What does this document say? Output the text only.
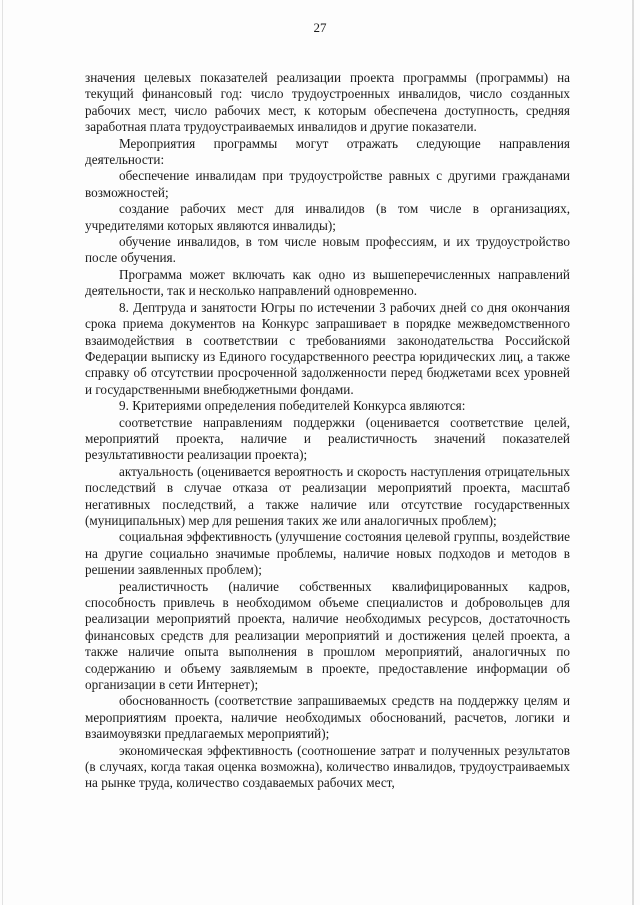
27

значения целевых показателей реализации проекта программы (программы) на текущий финансовый год: число трудоустроенных инвалидов, число созданных рабочих мест, число рабочих мест, к которым обеспечена доступность, средняя заработная плата трудоустраиваемых инвалидов и другие показатели.

Мероприятия программы могут отражать следующие направления деятельности:

обеспечение инвалидам при трудоустройстве равных с другими гражданами возможностей;

создание рабочих мест для инвалидов (в том числе в организациях, учредителями которых являются инвалиды);

обучение инвалидов, в том числе новым профессиям, и их трудоустройство после обучения.

Программа может включать как одно из вышеперечисленных направлений деятельности, так и несколько направлений одновременно.

8. Дептруда и занятости Югры по истечении 3 рабочих дней со дня окончания срока приема документов на Конкурс запрашивает в порядке межведомственного взаимодействия в соответствии с требованиями законодательства Российской Федерации выписку из Единого государственного реестра юридических лиц, а также справку об отсутствии просроченной задолженности перед бюджетами всех уровней и государственными внебюджетными фондами.

9. Критериями определения победителей Конкурса являются:

соответствие направлениям поддержки (оценивается соответствие целей, мероприятий проекта, наличие и реалистичность значений показателей результативности реализации проекта);

актуальность (оценивается вероятность и скорость наступления отрицательных последствий в случае отказа от реализации мероприятий проекта, масштаб негативных последствий, а также наличие или отсутствие государственных (муниципальных) мер для решения таких же или аналогичных проблем);

социальная эффективность (улучшение состояния целевой группы, воздействие на другие социально значимые проблемы, наличие новых подходов и методов в решении заявленных проблем);

реалистичность (наличие собственных квалифицированных кадров, способность привлечь в необходимом объеме специалистов и добровольцев для реализации мероприятий проекта, наличие необходимых ресурсов, достаточность финансовых средств для реализации мероприятий и достижения целей проекта, а также наличие опыта выполнения в прошлом мероприятий, аналогичных по содержанию и объему заявляемым в проекте, предоставление информации об организации в сети Интернет);

обоснованность (соответствие запрашиваемых средств на поддержку целям и мероприятиям проекта, наличие необходимых обоснований, расчетов, логики и взаимоувязки предлагаемых мероприятий);

экономическая эффективность (соотношение затрат и полученных результатов (в случаях, когда такая оценка возможна), количество инвалидов, трудоустраиваемых на рынке труда, количество создаваемых рабочих мест,
